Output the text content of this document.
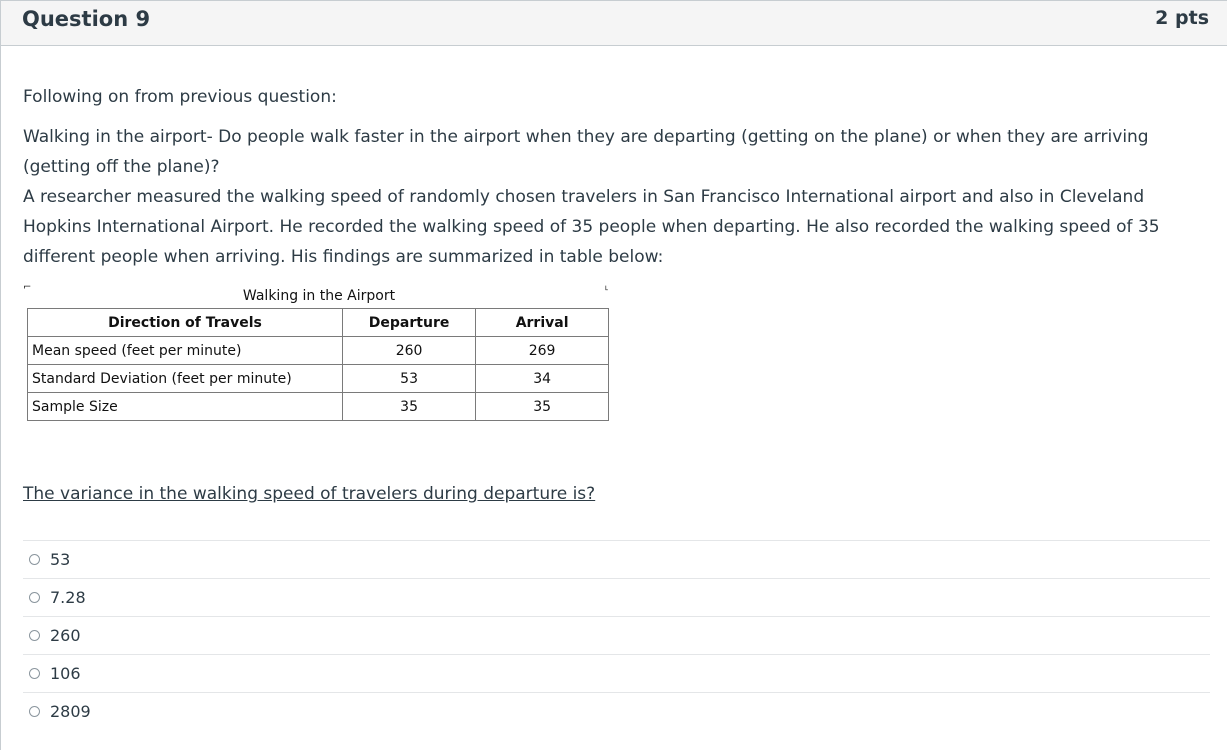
Question 9	2 pts

Following on from previous question:

Walking in the airport- Do people walk faster in the airport when they are departing (getting on the plane) or when they are arriving (getting off the plane)?

A researcher measured the walking speed of randomly chosen travelers in San Francisco International airport and also in Cleveland Hopkins International Airport. He recorded the walking speed of 35 people when departing. He also recorded the walking speed of 35 different people when arriving. His findings are summarized in table below:

⌐	˪
Walking in the Airport
Direction of Travels	Departure	Arrival
Mean speed (feet per minute)	260	269
Standard Deviation (feet per minute)	53	34
Sample Size	35	35
The variance in the walking speed of travelers during departure is?
53
7.28
260
106
2809
